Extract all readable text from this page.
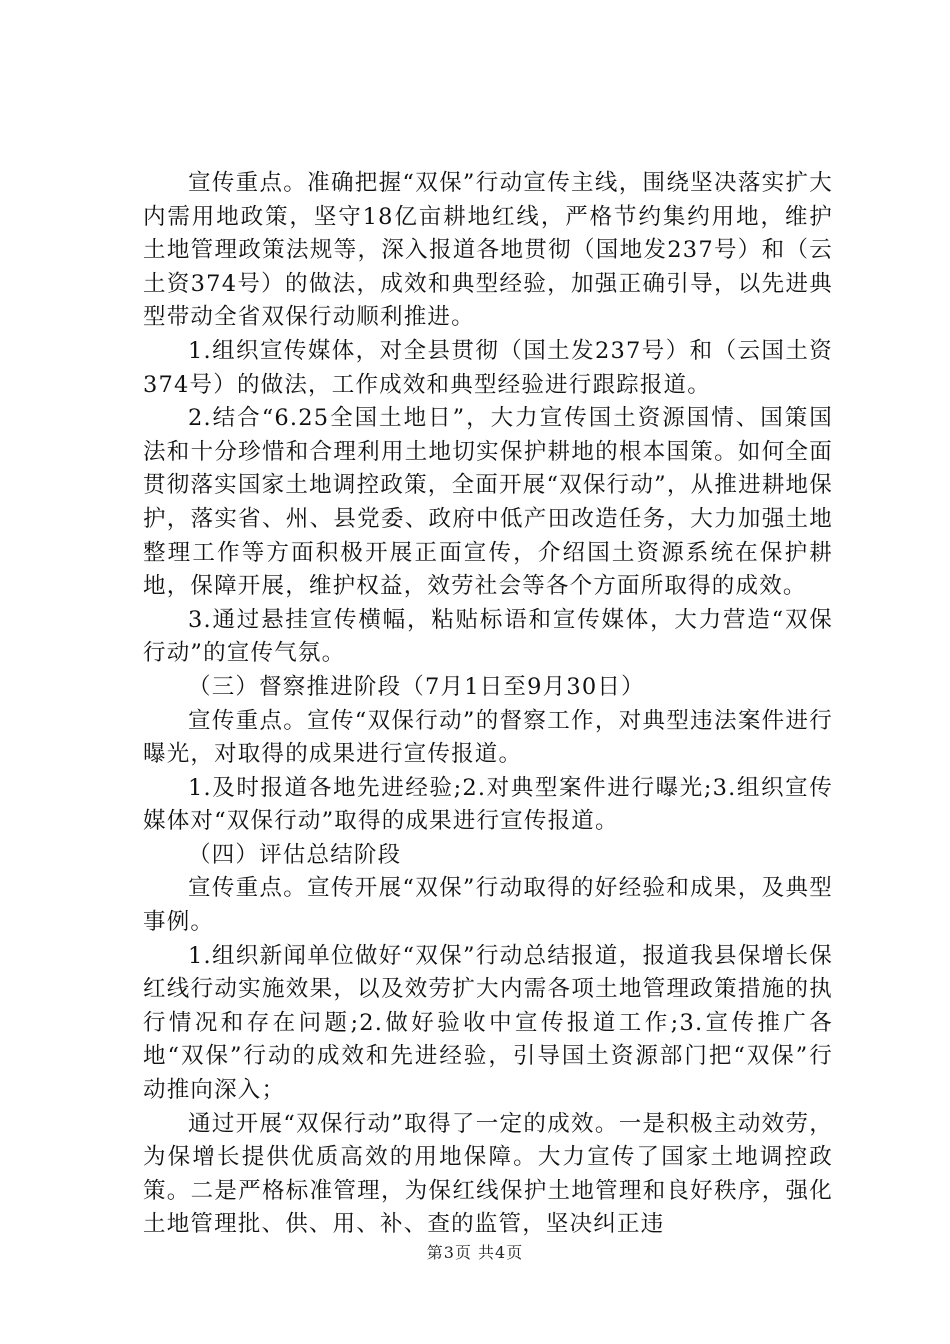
宣传重点。准确把握“双保”行动宣传主线，围绕坚决落实扩大内需用地政策，坚守18亿亩耕地红线，严格节约集约用地，维护土地管理政策法规等，深入报道各地贯彻（国地发237号）和（云土资374号）的做法，成效和典型经验，加强正确引导，以先进典型带动全省双保行动顺利推进。

1.组织宣传媒体，对全县贯彻（国土发237号）和（云国土资374号）的做法，工作成效和典型经验进行跟踪报道。

2.结合“6.25全国土地日”，大力宣传国土资源国情、国策国法和十分珍惜和合理利用土地切实保护耕地的根本国策。如何全面贯彻落实国家土地调控政策，全面开展“双保行动”，从推进耕地保护，落实省、州、县党委、政府中低产田改造任务，大力加强土地整理工作等方面积极开展正面宣传，介绍国土资源系统在保护耕地，保障开展，维护权益，效劳社会等各个方面所取得的成效。

3.通过悬挂宣传横幅，粘贴标语和宣传媒体，大力营造“双保行动”的宣传气氛。

（三）督察推进阶段（7月1日至9月30日）

宣传重点。宣传“双保行动”的督察工作，对典型违法案件进行曝光，对取得的成果进行宣传报道。

1.及时报道各地先进经验;2.对典型案件进行曝光;3.组织宣传媒体对“双保行动”取得的成果进行宣传报道。

（四）评估总结阶段

宣传重点。宣传开展“双保”行动取得的好经验和成果，及典型事例。

1.组织新闻单位做好“双保”行动总结报道，报道我县保增长保红线行动实施效果，以及效劳扩大内需各项土地管理政策措施的执行情况和存在问题;2.做好验收中宣传报道工作;3.宣传推广各地“双保”行动的成效和先进经验，引导国土资源部门把“双保”行动推向深入；

通过开展“双保行动”取得了一定的成效。一是积极主动效劳，为保增长提供优质高效的用地保障。大力宣传了国家土地调控政策。二是严格标准管理，为保红线保护土地管理和良好秩序，强化土地管理批、供、用、补、查的监管，坚决纠正违

第3页 共4页
